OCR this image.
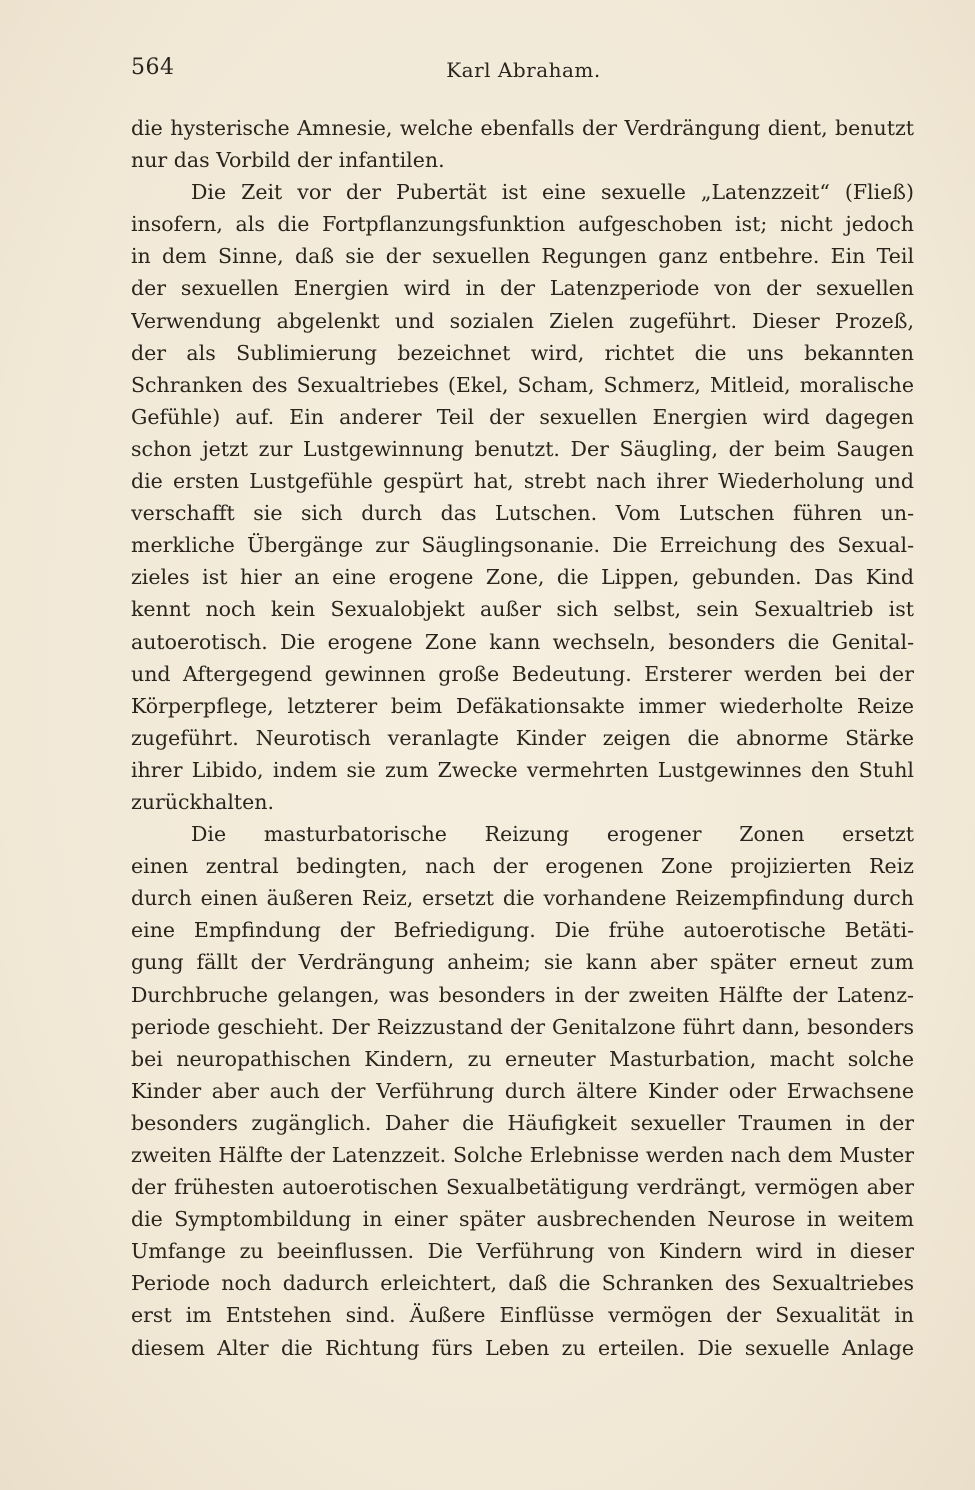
564	Karl Abraham.
die hysterische Amnesie, welche ebenfalls der Verdrängung dient, benutzt
nur das Vorbild der infantilen.
Die Zeit vor der Pubertät ist eine sexuelle „Latenzzeit“ (Fließ)
insofern, als die Fortpflanzungsfunktion aufgeschoben ist; nicht jedoch
in dem Sinne, daß sie der sexuellen Regungen ganz entbehre. Ein Teil
der sexuellen Energien wird in der Latenzperiode von der sexuellen
Verwendung abgelenkt und sozialen Zielen zugeführt. Dieser Prozeß,
der als Sublimierung bezeichnet wird, richtet die uns bekannten
Schranken des Sexualtriebes (Ekel, Scham, Schmerz, Mitleid, moralische
Gefühle) auf. Ein anderer Teil der sexuellen Energien wird dagegen
schon jetzt zur Lustgewinnung benutzt. Der Säugling, der beim Saugen
die ersten Lustgefühle gespürt hat, strebt nach ihrer Wiederholung und
verschafft sie sich durch das Lutschen. Vom Lutschen führen un-
merkliche Übergänge zur Säuglingsonanie. Die Erreichung des Sexual-
zieles ist hier an eine erogene Zone, die Lippen, gebunden. Das Kind
kennt noch kein Sexualobjekt außer sich selbst, sein Sexualtrieb ist
autoerotisch. Die erogene Zone kann wechseln, besonders die Genital-
und Aftergegend gewinnen große Bedeutung. Ersterer werden bei der
Körperpflege, letzterer beim Defäkationsakte immer wiederholte Reize
zugeführt. Neurotisch veranlagte Kinder zeigen die abnorme Stärke
ihrer Libido, indem sie zum Zwecke vermehrten Lustgewinnes den Stuhl
zurückhalten.
Die masturbatorische Reizung erogener Zonen ersetzt
einen zentral bedingten, nach der erogenen Zone projizierten Reiz
durch einen äußeren Reiz, ersetzt die vorhandene Reizempfindung durch
eine Empfindung der Befriedigung. Die frühe autoerotische Betäti-
gung fällt der Verdrängung anheim; sie kann aber später erneut zum
Durchbruche gelangen, was besonders in der zweiten Hälfte der Latenz-
periode geschieht. Der Reizzustand der Genitalzone führt dann, besonders
bei neuropathischen Kindern, zu erneuter Masturbation, macht solche
Kinder aber auch der Verführung durch ältere Kinder oder Erwachsene
besonders zugänglich. Daher die Häufigkeit sexueller Traumen in der
zweiten Hälfte der Latenzzeit. Solche Erlebnisse werden nach dem Muster
der frühesten autoerotischen Sexualbetätigung verdrängt, vermögen aber
die Symptombildung in einer später ausbrechenden Neurose in weitem
Umfange zu beeinflussen. Die Verführung von Kindern wird in dieser
Periode noch dadurch erleichtert, daß die Schranken des Sexualtriebes
erst im Entstehen sind. Äußere Einflüsse vermögen der Sexualität in
diesem Alter die Richtung fürs Leben zu erteilen. Die sexuelle Anlage
